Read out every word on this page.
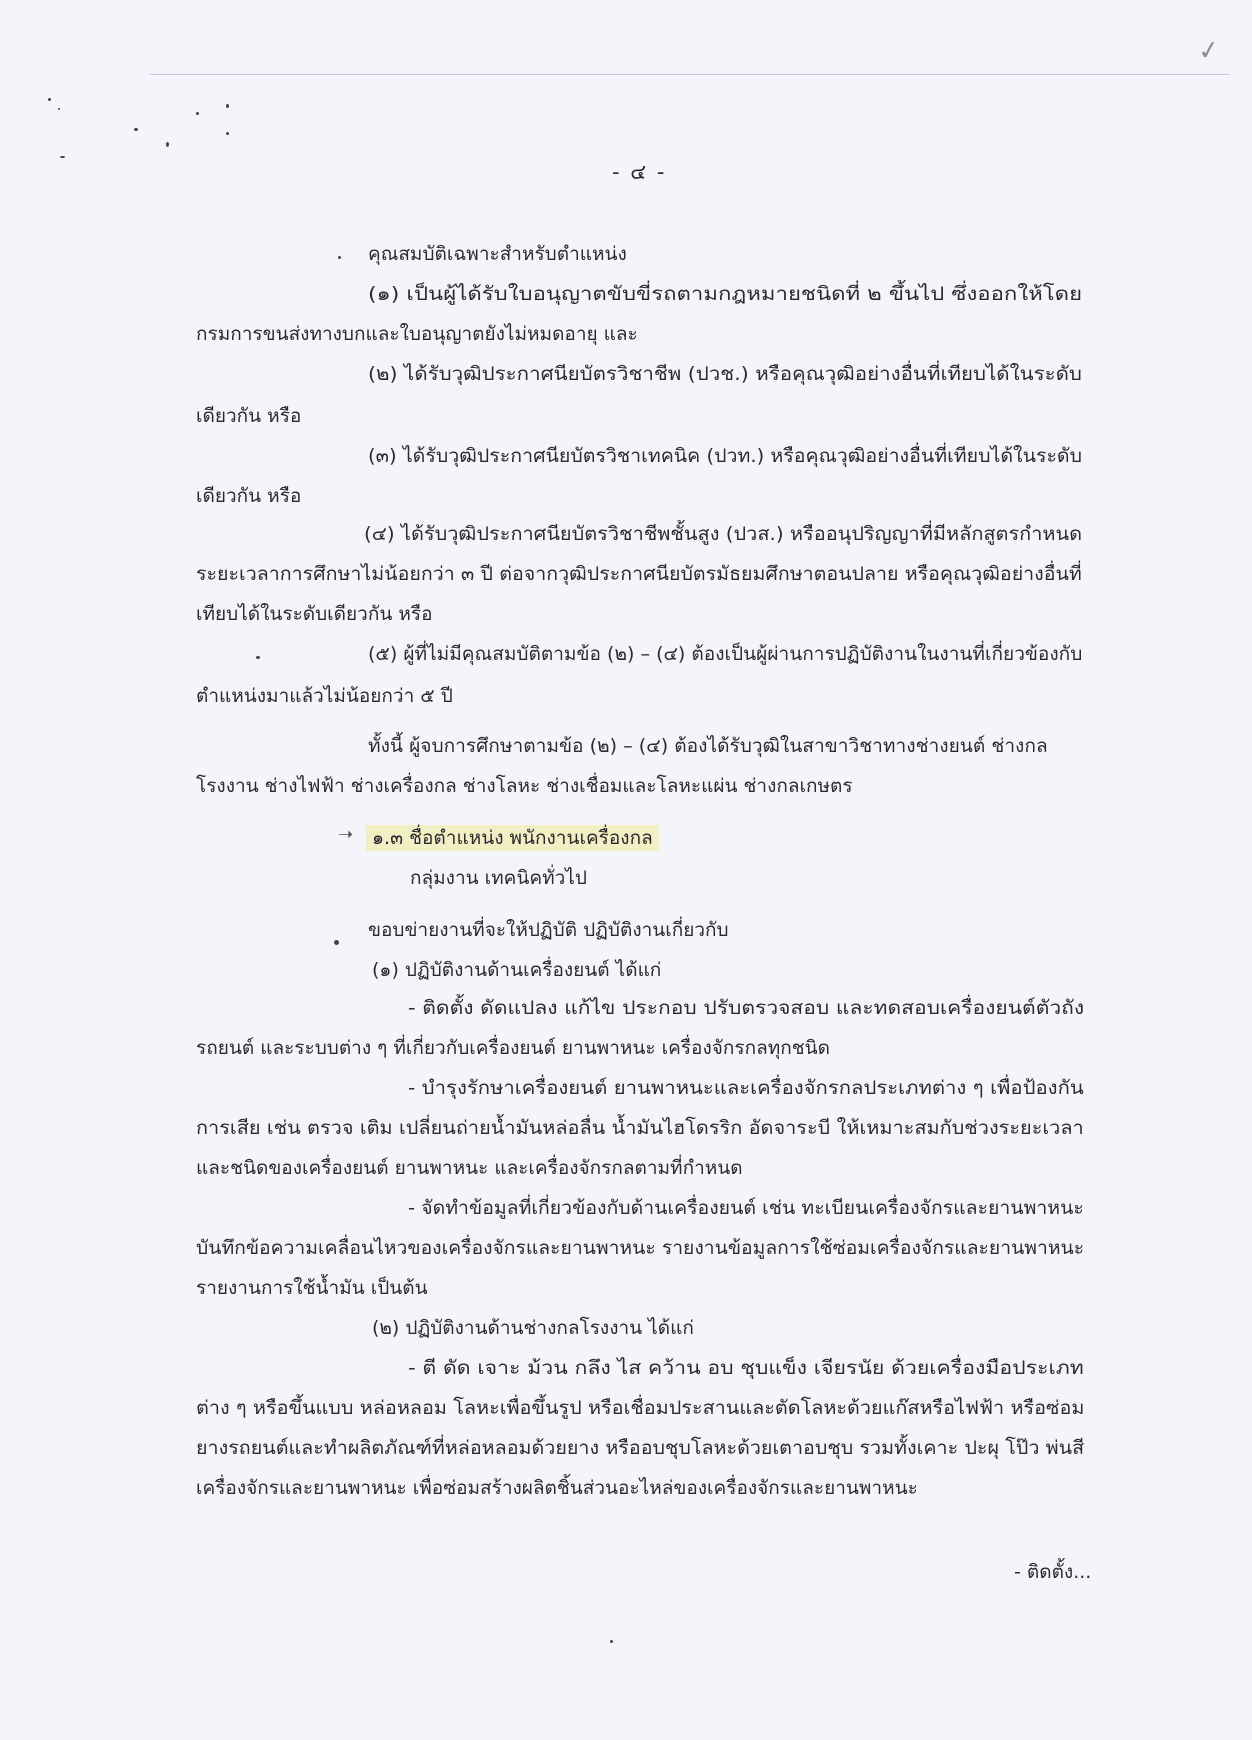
✓
- ๔ -
➝
คุณสมบัติเฉพาะสำหรับตำแหน่ง
(๑) เป็นผู้ได้รับใบอนุญาตขับขี่รถตามกฎหมายชนิดที่ ๒ ขึ้นไป ซึ่งออกให้โดย
กรมการขนส่งทางบกและใบอนุญาตยังไม่หมดอายุ และ
(๒) ได้รับวุฒิประกาศนียบัตรวิชาชีพ (ปวช.) หรือคุณวุฒิอย่างอื่นที่เทียบได้ในระดับ
เดียวกัน หรือ
(๓) ได้รับวุฒิประกาศนียบัตรวิชาเทคนิค (ปวท.) หรือคุณวุฒิอย่างอื่นที่เทียบได้ในระดับ
เดียวกัน หรือ
(๔) ได้รับวุฒิประกาศนียบัตรวิชาชีพชั้นสูง (ปวส.) หรืออนุปริญญาที่มีหลักสูตรกำหนด
ระยะเวลาการศึกษาไม่น้อยกว่า ๓ ปี ต่อจากวุฒิประกาศนียบัตรมัธยมศึกษาตอนปลาย หรือคุณวุฒิอย่างอื่นที่
เทียบได้ในระดับเดียวกัน หรือ
(๕) ผู้ที่ไม่มีคุณสมบัติตามข้อ (๒) – (๔) ต้องเป็นผู้ผ่านการปฏิบัติงานในงานที่เกี่ยวข้องกับ
ตำแหน่งมาแล้วไม่น้อยกว่า ๕ ปี
ทั้งนี้ ผู้จบการศึกษาตามข้อ (๒) – (๔) ต้องได้รับวุฒิในสาขาวิชาทางช่างยนต์ ช่างกล
โรงงาน ช่างไฟฟ้า ช่างเครื่องกล ช่างโลหะ ช่างเชื่อมและโลหะแผ่น ช่างกลเกษตร
๑.๓ ชื่อตำแหน่ง พนักงานเครื่องกล
กลุ่มงาน เทคนิคทั่วไป
ขอบข่ายงานที่จะให้ปฏิบัติ ปฏิบัติงานเกี่ยวกับ
(๑) ปฏิบัติงานด้านเครื่องยนต์ ได้แก่
- ติดตั้ง ดัดแปลง แก้ไข ประกอบ ปรับตรวจสอบ และทดสอบเครื่องยนต์ตัวถัง
รถยนต์ และระบบต่าง ๆ ที่เกี่ยวกับเครื่องยนต์ ยานพาหนะ เครื่องจักรกลทุกชนิด
- บำรุงรักษาเครื่องยนต์ ยานพาหนะและเครื่องจักรกลประเภทต่าง ๆ เพื่อป้องกัน
การเสีย เช่น ตรวจ เติม เปลี่ยนถ่ายน้ำมันหล่อลื่น น้ำมันไฮโดรริก อัดจาระบี ให้เหมาะสมกับช่วงระยะเวลา
และชนิดของเครื่องยนต์ ยานพาหนะ และเครื่องจักรกลตามที่กำหนด
- จัดทำข้อมูลที่เกี่ยวข้องกับด้านเครื่องยนต์ เช่น ทะเบียนเครื่องจักรและยานพาหนะ
บันทึกข้อความเคลื่อนไหวของเครื่องจักรและยานพาหนะ รายงานข้อมูลการใช้ซ่อมเครื่องจักรและยานพาหนะ
รายงานการใช้น้ำมัน เป็นต้น
(๒) ปฏิบัติงานด้านช่างกลโรงงาน ได้แก่
- ตี ดัด เจาะ ม้วน กลึง ไส คว้าน อบ ชุบแข็ง เจียรนัย ด้วยเครื่องมือประเภท
ต่าง ๆ หรือขึ้นแบบ หล่อหลอม โลหะเพื่อขึ้นรูป หรือเชื่อมประสานและตัดโลหะด้วยแก๊สหรือไฟฟ้า หรือซ่อม
ยางรถยนต์และทำผลิตภัณฑ์ที่หล่อหลอมด้วยยาง หรืออบชุบโลหะด้วยเตาอบชุบ รวมทั้งเคาะ ปะผุ โป๊ว พ่นสี
เครื่องจักรและยานพาหนะ เพื่อซ่อมสร้างผลิตชิ้นส่วนอะไหล่ของเครื่องจักรและยานพาหนะ
- ติดตั้ง...
